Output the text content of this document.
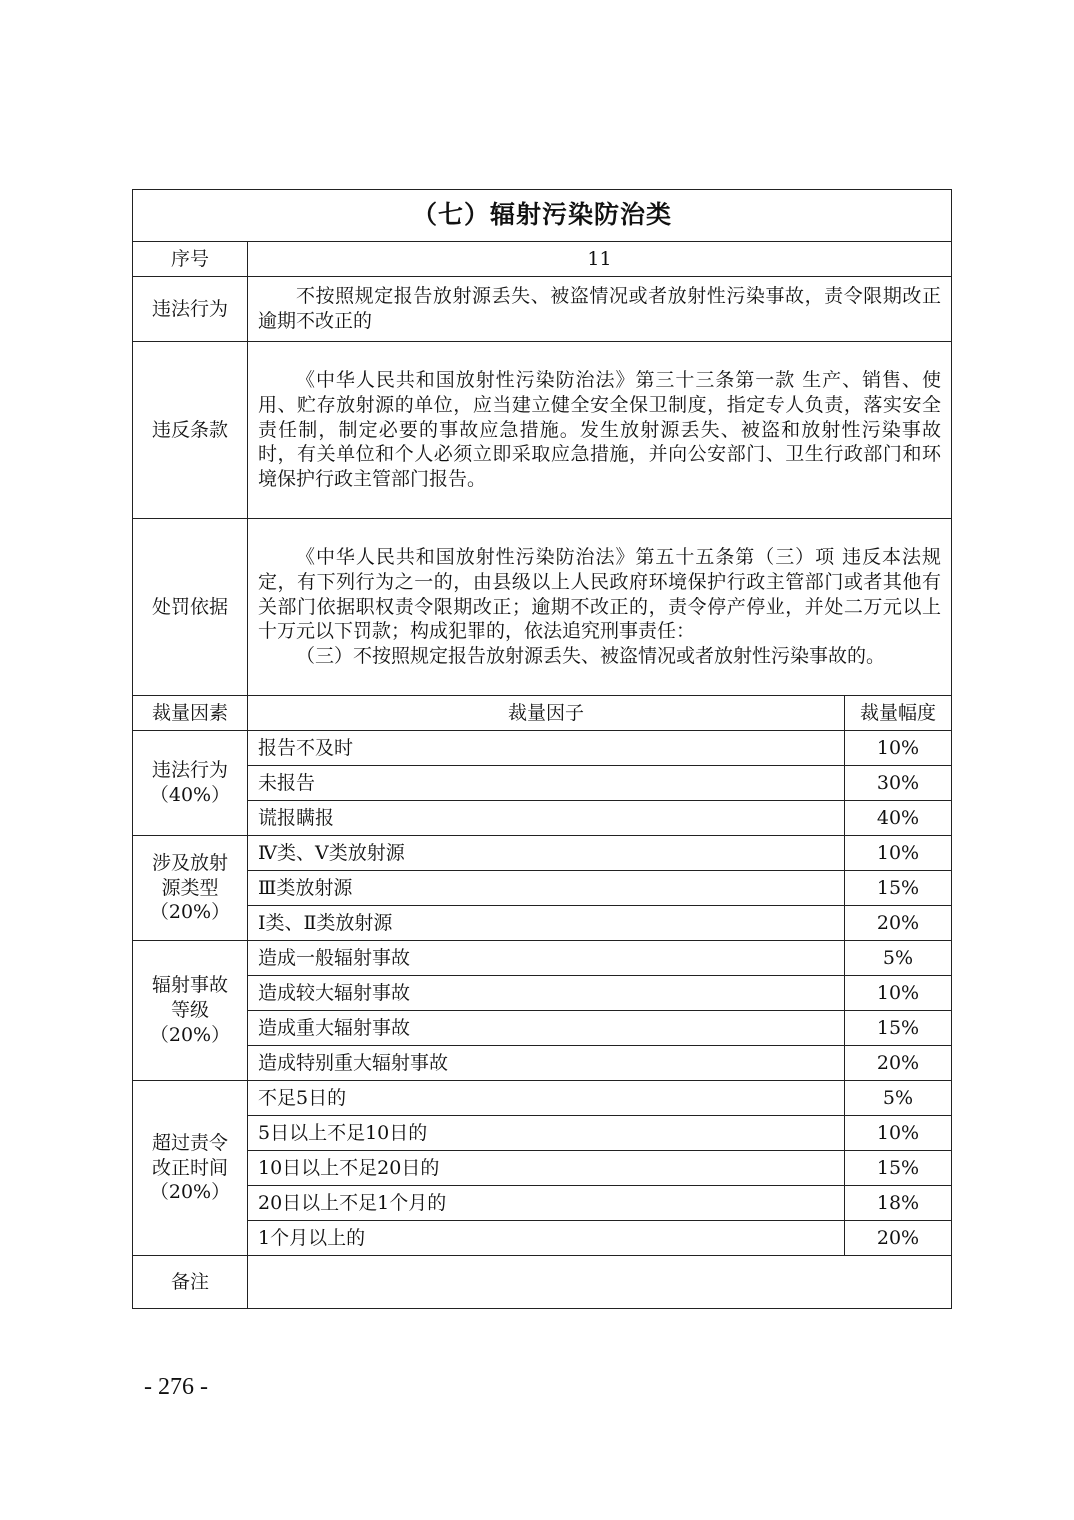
（七）辐射污染防治类		
序号	11	
违法行为	不按照规定报告放射源丢失、被盗情况或者放射性污染事故，责令限期改正逾期不改正的	
违反条款	《中华人民共和国放射性污染防治法》第三十三条第一款 生产、销售、使用、贮存放射源的单位，应当建立健全安全保卫制度，指定专人负责，落实安全责任制，制定必要的事故应急措施。发生放射源丢失、被盗和放射性污染事故时，有关单位和个人必须立即采取应急措施，并向公安部门、卫生行政部门和环境保护行政主管部门报告。	
处罚依据	《中华人民共和国放射性污染防治法》第五十五条第（三）项 违反本法规定，有下列行为之一的，由县级以上人民政府环境保护行政主管部门或者其他有关部门依据职权责令限期改正；逾期不改正的，责令停产停业，并处二万元以上十万元以下罚款；构成犯罪的，依法追究刑事责任：

（三）不按照规定报告放射源丢失、被盗情况或者放射性污染事故的。	

裁量因素	裁量因子	裁量幅度

违法行为
（40%）	报告不及时	10%
	未报告	30%
	谎报瞒报	40%

涉及放射
源类型
（20%）	Ⅳ类、Ⅴ类放射源	10%
	Ⅲ类放射源	15%
	Ⅰ类、Ⅱ类放射源	20%

辐射事故
等级
（20%）	造成一般辐射事故	5%
	造成较大辐射事故	10%
	造成重大辐射事故	15%
	造成特别重大辐射事故	20%

超过责令
改正时间
（20%）	不足5日的	5%
	5日以上不足10日的	10%
	10日以上不足20日的	15%
	20日以上不足1个月的	18%
	1个月以上的	20%
备注		
- 276 -
